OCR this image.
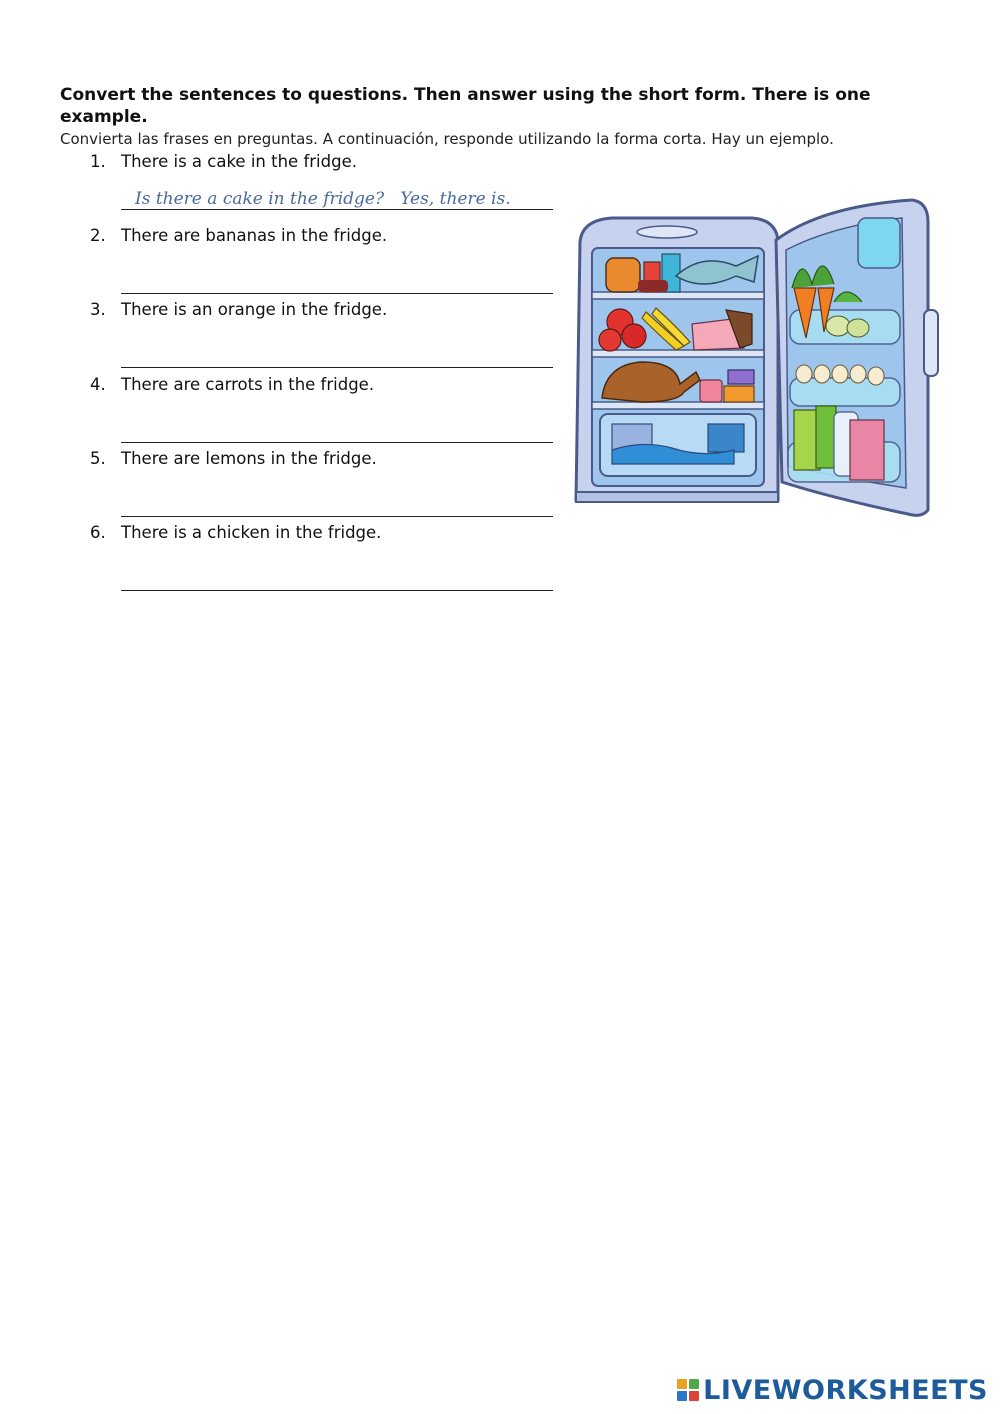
Convert the sentences to questions. Then answer using the short form. There is one example.

Convierta las frases en preguntas. A continuación, responde utilizando la forma corta. Hay un ejemplo.

1. There is a cake in the fridge.
Is there a cake in the fridge?   Yes, there is.
2. There are bananas in the fridge.
3. There is an orange in the fridge.
4. There are carrots in the fridge.
5. There are lemons in the fridge.
6. There is a chicken in the fridge.
LIVEWORKSHEETS
